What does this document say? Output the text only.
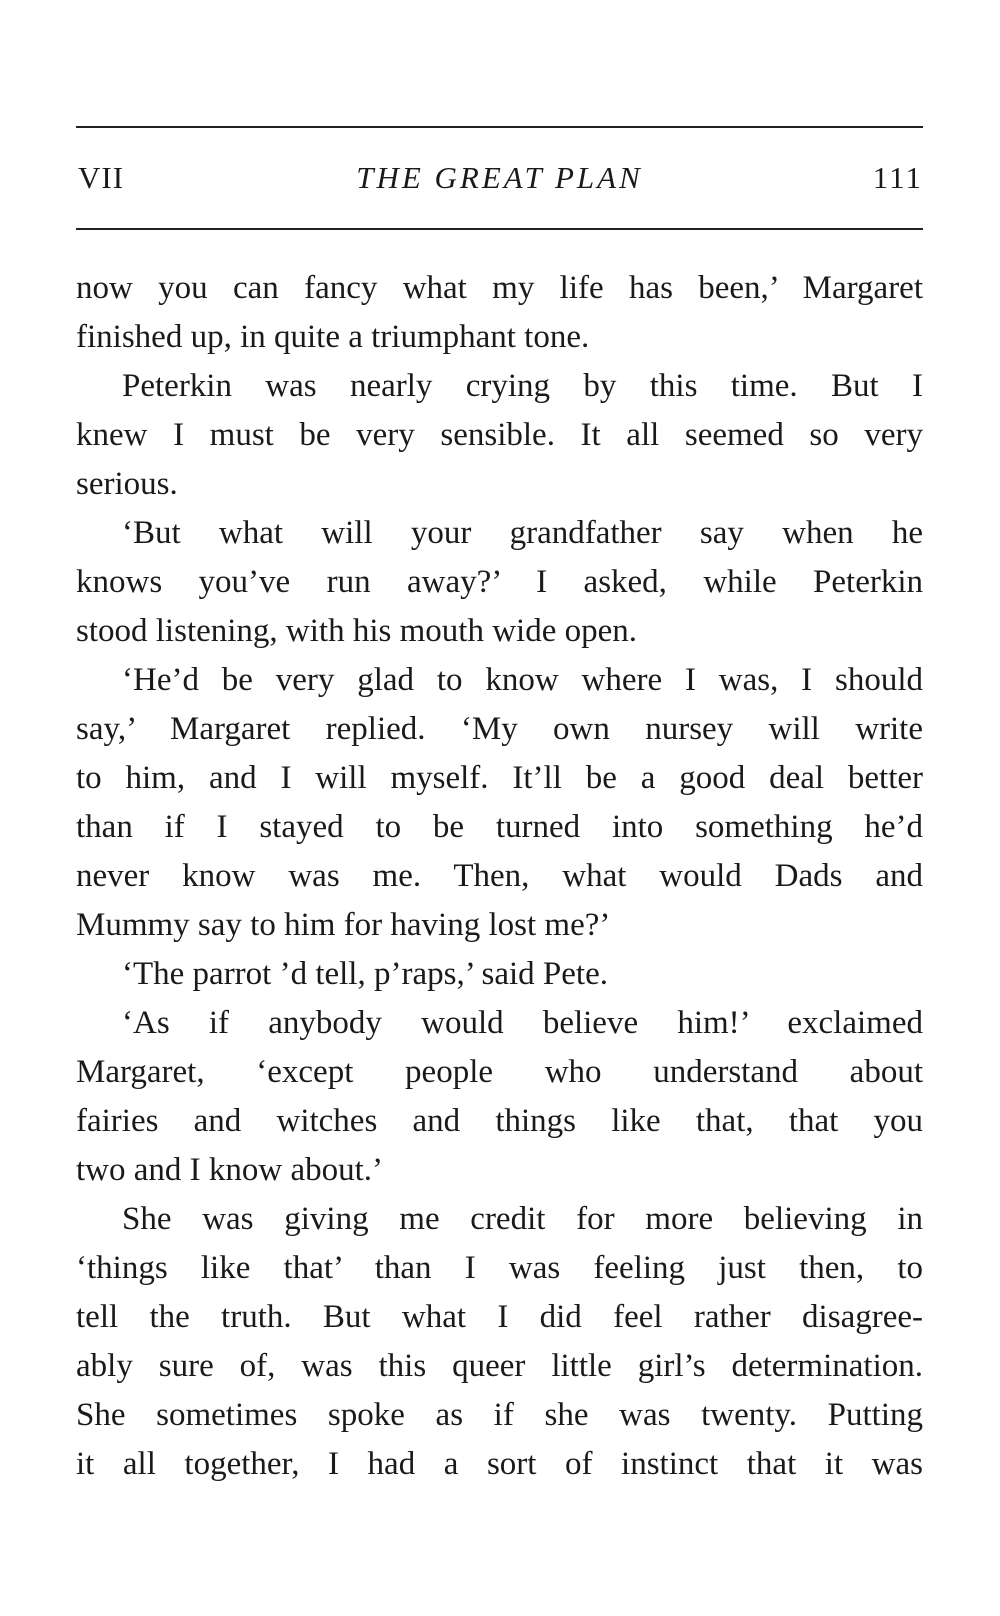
VII	THE GREAT PLAN	111
now you can fancy what my life has been,’ Margaret
finished up, in quite a triumphant tone.
Peterkin was nearly crying by this time. But I
knew I must be very sensible. It all seemed so very
serious.
‘But what will your grandfather say when he
knows you’ve run away?’ I asked, while Peterkin
stood listening, with his mouth wide open.
‘He’d be very glad to know where I was, I should
say,’ Margaret replied. ‘My own nursey will write
to him, and I will myself. It’ll be a good deal better
than if I stayed to be turned into something he’d
never know was me. Then, what would Dads and
Mummy say to him for having lost me?’
‘The parrot ’d tell, p’raps,’ said Pete.
‘As if anybody would believe him!’ exclaimed
Margaret, ‘except people who understand about
fairies and witches and things like that, that you
two and I know about.’
She was giving me credit for more believing in
‘things like that’ than I was feeling just then, to
tell the truth. But what I did feel rather disagree-
ably sure of, was this queer little girl’s determination.
She sometimes spoke as if she was twenty. Putting
it all together, I had a sort of instinct that it was
